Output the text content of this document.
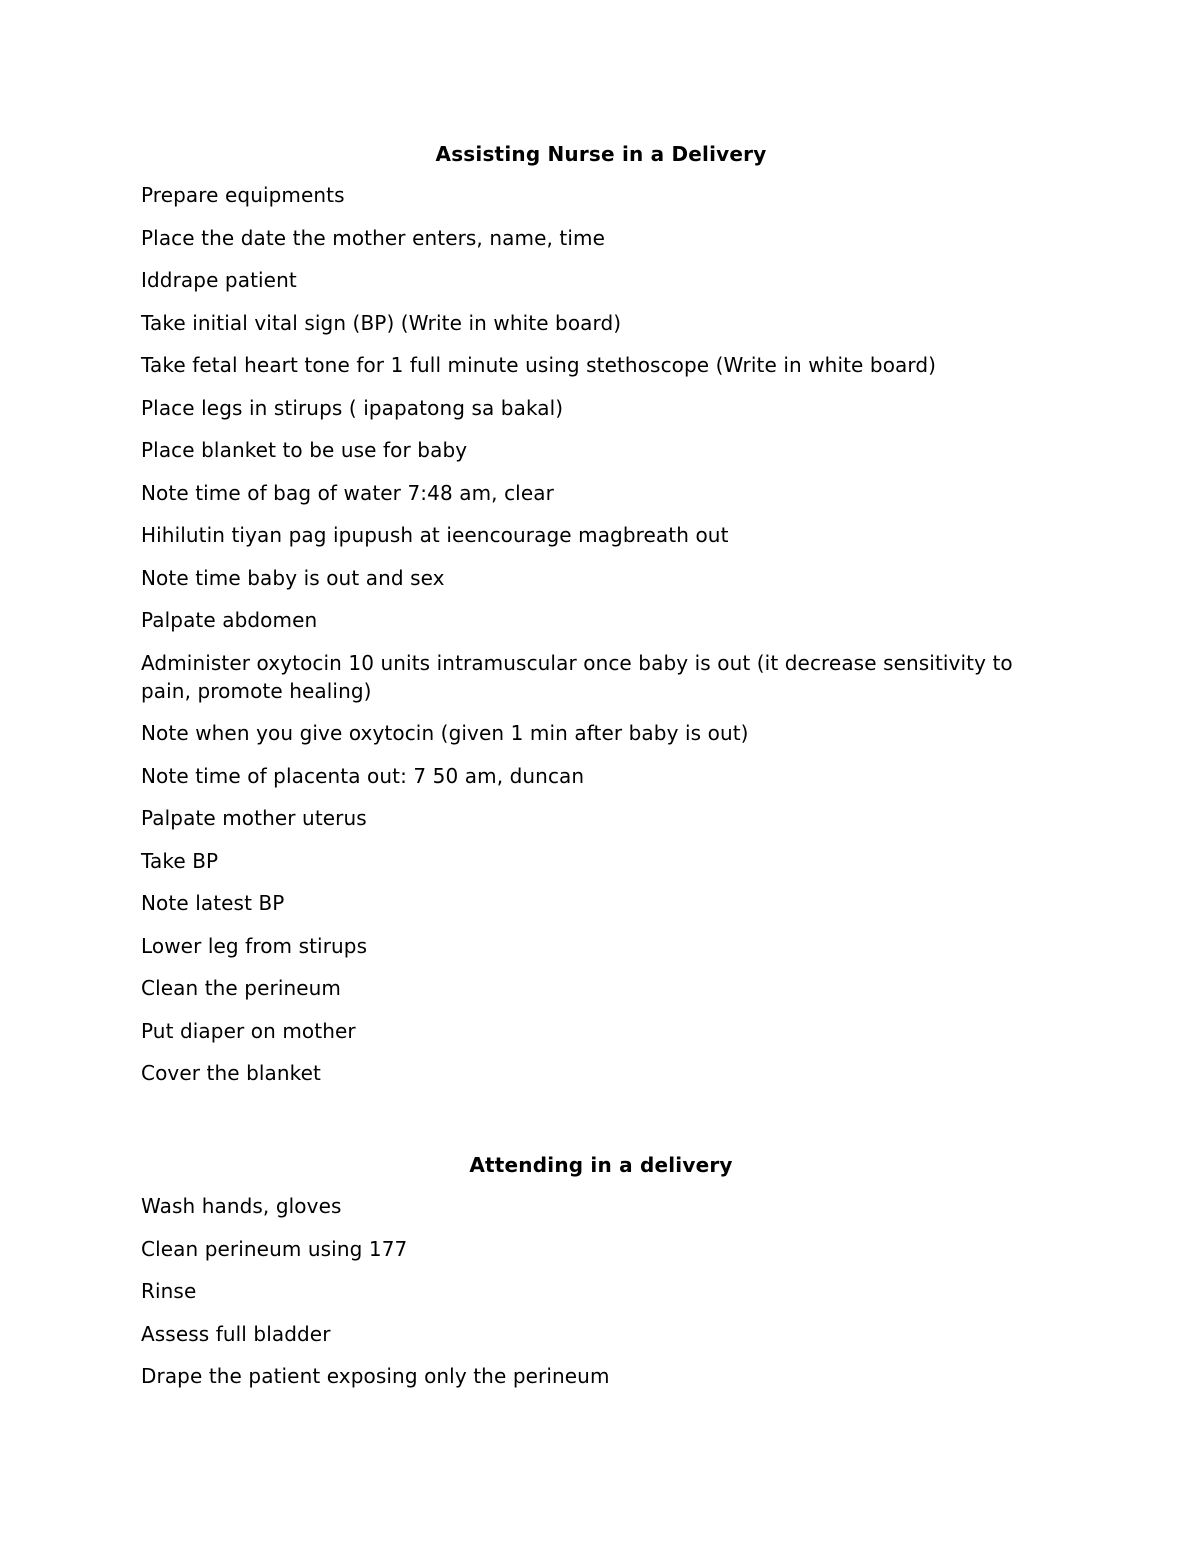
Assisting Nurse in a Delivery
Prepare equipments
Place the date the mother enters, name, time
Iddrape patient
Take initial vital sign (BP) (Write in white board)
Take fetal heart tone for 1 full minute using stethoscope (Write in white board)
Place legs in stirups ( ipapatong sa bakal)
Place blanket to be use for baby
Note time of bag of water 7:48 am, clear
Hihilutin tiyan pag ipupush at ieencourage magbreath out
Note time baby is out and sex
Palpate abdomen
Administer oxytocin 10 units intramuscular once baby is out (it decrease sensitivity to pain, promote healing)
Note when you give oxytocin (given 1 min after baby is out)
Note time of placenta out: 7 50 am, duncan
Palpate mother uterus
Take BP
Note latest BP
Lower leg from stirups
Clean the perineum
Put diaper on mother
Cover the blanket
Attending in a delivery
Wash hands, gloves
Clean perineum using 177
Rinse
Assess full bladder
Drape the patient exposing only the perineum
